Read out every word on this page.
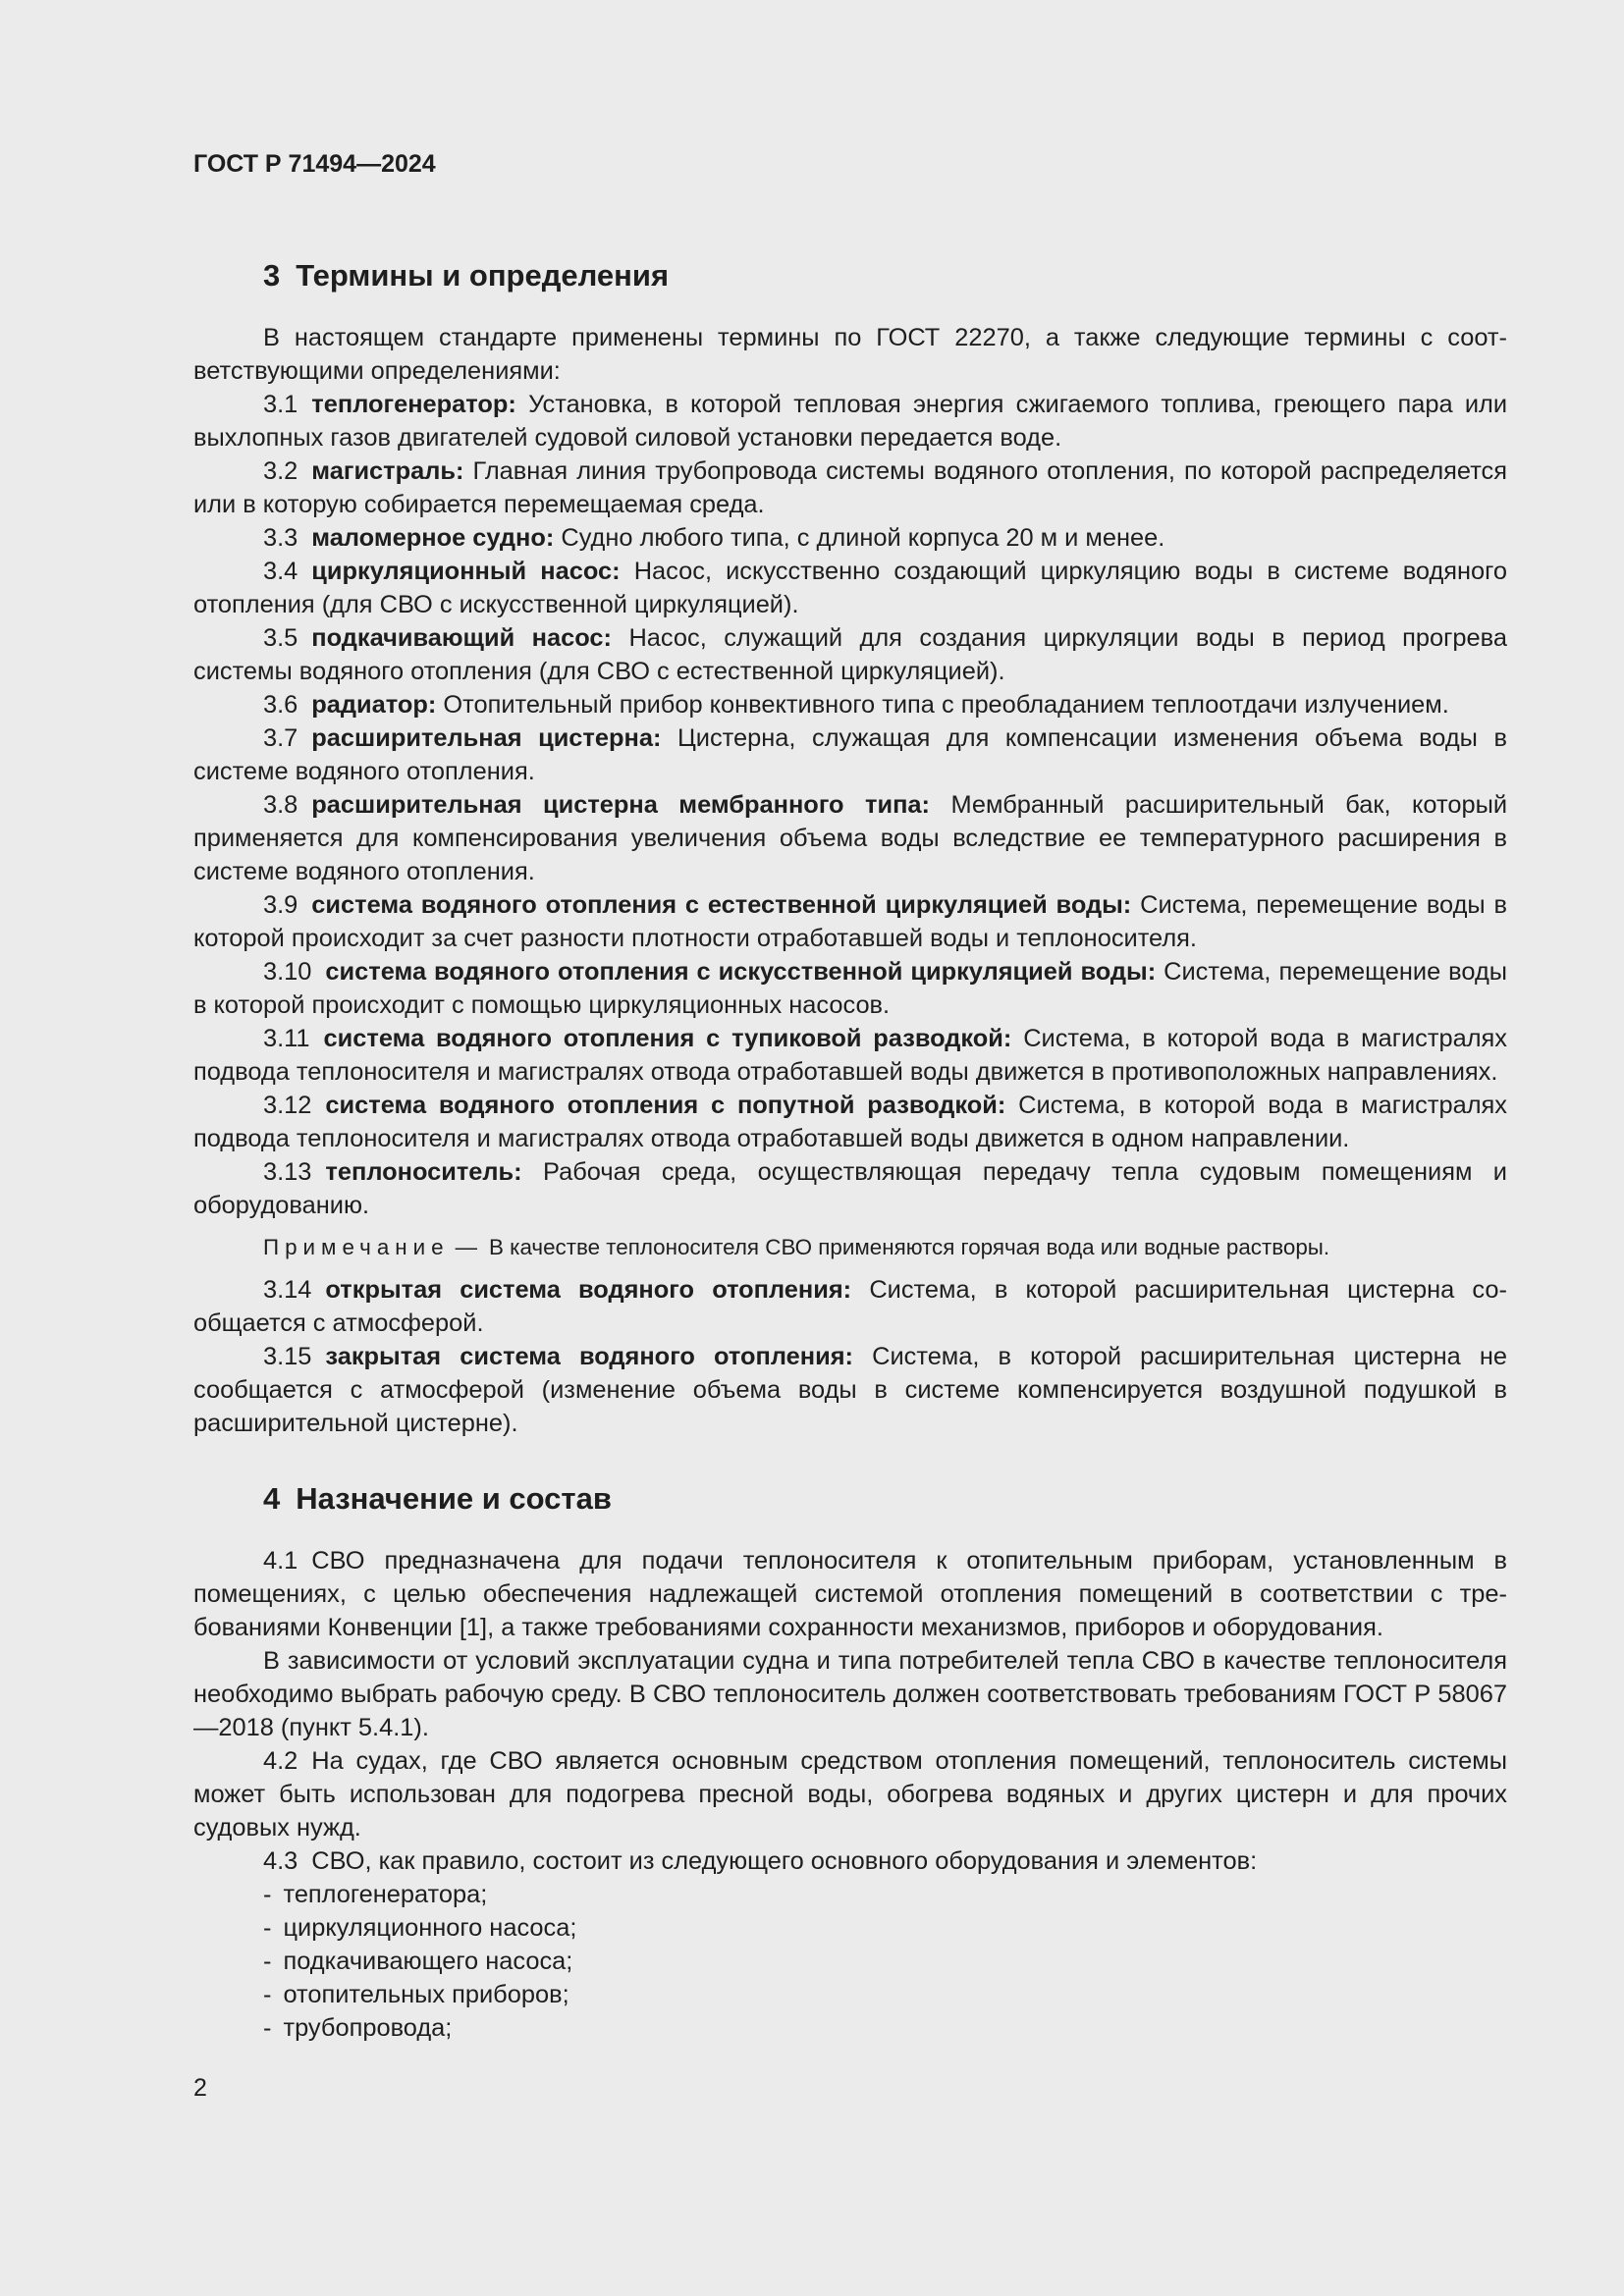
ГОСТ Р 71494—2024
3 Термины и определения

В настоящем стандарте применены термины по ГОСТ 22270, а также следующие термины с соответствующими определениями:

3.1 теплогенератор: Установка, в которой тепловая энергия сжигаемого топлива, греющего пара или выхлопных газов двигателей судовой силовой установки передается воде.

3.2 магистраль: Главная линия трубопровода системы водяного отопления, по которой распределяется или в которую собирается перемещаемая среда.

3.3 маломерное судно: Судно любого типа, с длиной корпуса 20 м и менее.

3.4 циркуляционный насос: Насос, искусственно создающий циркуляцию воды в системе водяного отопления (для СВО с искусственной циркуляцией).

3.5 подкачивающий насос: Насос, служащий для создания циркуляции воды в период прогрева системы водяного отопления (для СВО с естественной циркуляцией).

3.6 радиатор: Отопительный прибор конвективного типа с преобладанием теплоотдачи излучением.

3.7 расширительная цистерна: Цистерна, служащая для компенсации изменения объема воды в системе водяного отопления.

3.8 расширительная цистерна мембранного типа: Мембранный расширительный бак, который применяется для компенсирования увеличения объема воды вследствие ее температурного расширения в системе водяного отопления.

3.9 система водяного отопления с естественной циркуляцией воды: Система, перемещение воды в которой происходит за счет разности плотности отработавшей воды и теплоносителя.

3.10 система водяного отопления с искусственной циркуляцией воды: Система, перемещение воды в которой происходит с помощью циркуляционных насосов.

3.11 система водяного отопления с тупиковой разводкой: Система, в которой вода в магистралях подвода теплоносителя и магистралях отвода отработавшей воды движется в противоположных направлениях.

3.12 система водяного отопления с попутной разводкой: Система, в которой вода в магистралях подвода теплоносителя и магистралях отвода отработавшей воды движется в одном направлении.

3.13 теплоноситель: Рабочая среда, осуществляющая передачу тепла судовым помещениям и оборудованию.

Примечание — В качестве теплоносителя СВО применяются горячая вода или водные растворы.

3.14 открытая система водяного отопления: Система, в которой расширительная цистерна сообщается с атмосферой.

3.15 закрытая система водяного отопления: Система, в которой расширительная цистерна не сообщается с атмосферой (изменение объема воды в системе компенсируется воздушной подушкой в расширительной цистерне).

4 Назначение и состав

4.1 СВО предназначена для подачи теплоносителя к отопительным приборам, установленным в помещениях, с целью обеспечения надлежащей системой отопления помещений в соответствии с требованиями Конвенции [1], а также требованиями сохранности механизмов, приборов и оборудования.

В зависимости от условий эксплуатации судна и типа потребителей тепла СВО в качестве теплоносителя необходимо выбрать рабочую среду. В СВО теплоноситель должен соответствовать требованиям ГОСТ Р 58067—2018 (пункт 5.4.1).

4.2 На судах, где СВО является основным средством отопления помещений, теплоноситель системы может быть использован для подогрева пресной воды, обогрева водяных и других цистерн и для прочих судовых нужд.

4.3 СВО, как правило, состоит из следующего основного оборудования и элементов:

- теплогенератора;
- циркуляционного насоса;
- подкачивающего насоса;
- отопительных приборов;
- трубопровода;
2
